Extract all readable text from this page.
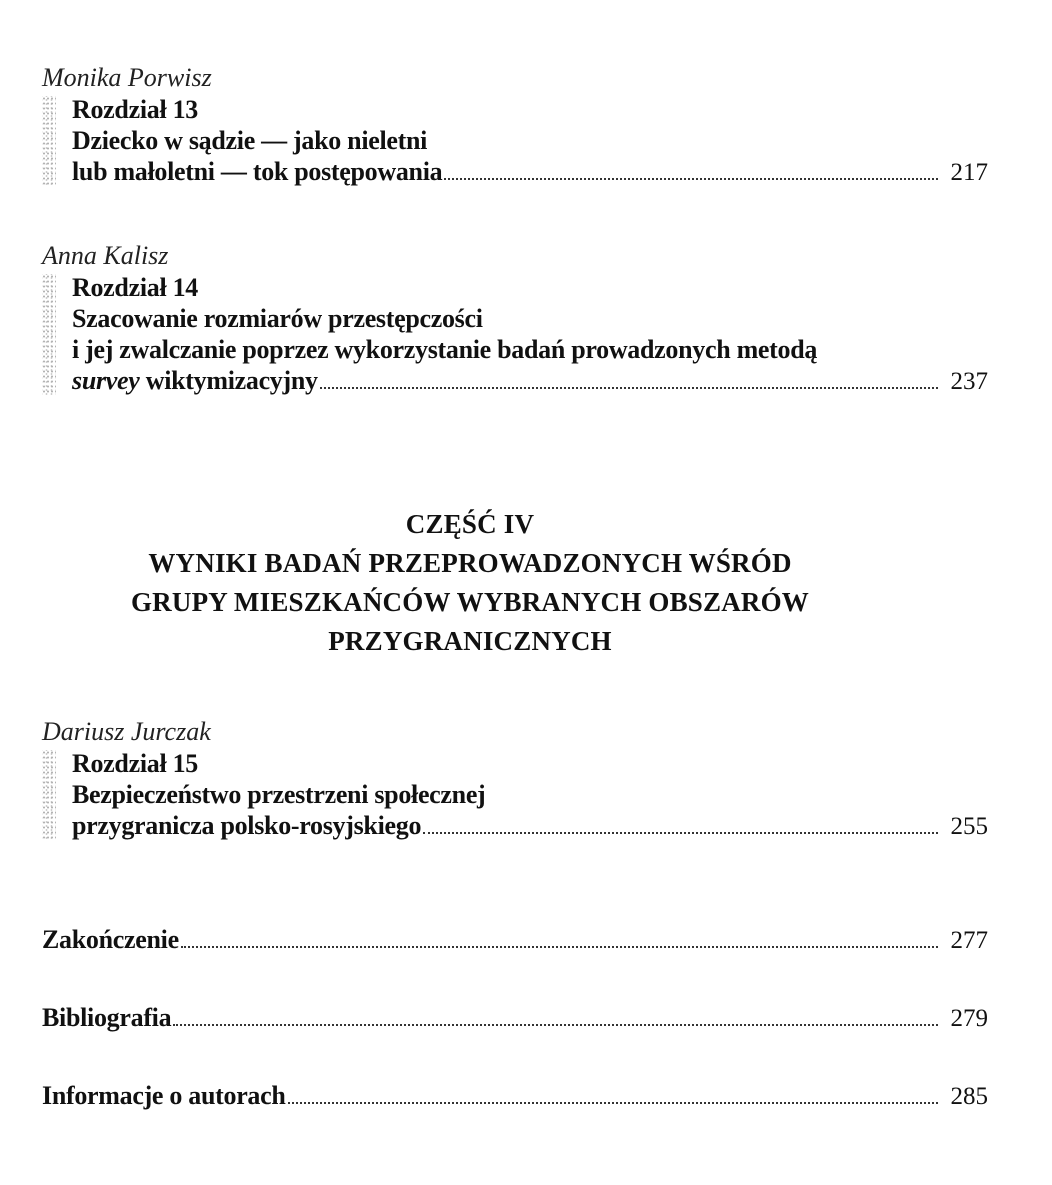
Monika Porwisz
Rozdział 13
Dziecko w sądzie — jako nieletni
lub małoletni — tok postępowania	217
Anna Kalisz
Rozdział 14
Szacowanie rozmiarów przestępczości
i jej zwalczanie poprzez wykorzystanie badań prowadzonych metodą
survey wiktymizacyjny	237
CZĘŚĆ IV
WYNIKI BADAŃ PRZEPROWADZONYCH WŚRÓD
GRUPY MIESZKAŃCÓW WYBRANYCH OBSZARÓW
PRZYGRANICZNYCH
Dariusz Jurczak
Rozdział 15
Bezpieczeństwo przestrzeni społecznej
przygranicza polsko-rosyjskiego	255
Zakończenie	277
Bibliografia	279
Informacje o autorach	285
